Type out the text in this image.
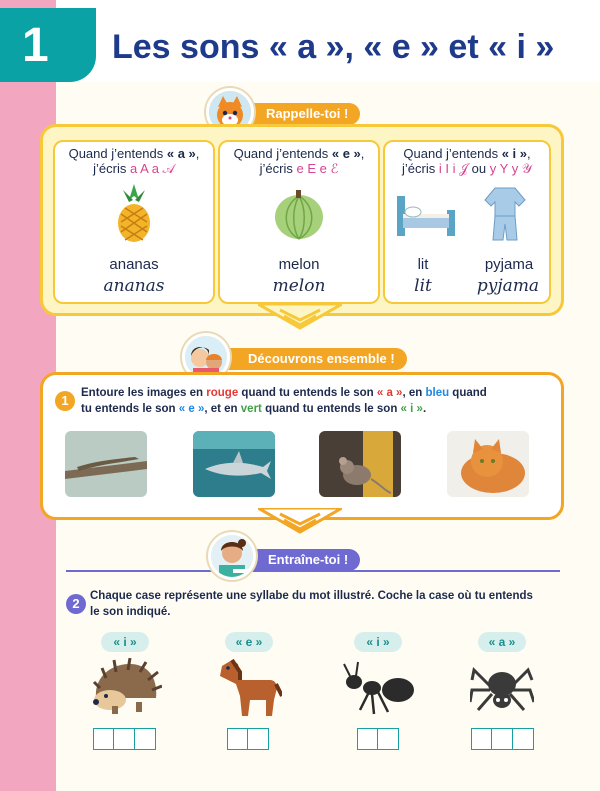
1 Les sons « a », « e » et « i »
Rappelle-toi !
Quand j’entends « a »,
j’écris a A a 𝒜
ananas
ananas
Quand j’entends « e »,
j’écris e E e ℰ
melon
melon
Quand j’entends « i »,
j’écris i I i 𝒥 ou y Y y 𝒴
lit
lit
pyjama
pyjama
Découvrons ensemble !
1	Entoure les images en rouge quand tu entends le son « a », en bleu quand
tu entends le son « e », et en vert quand tu entends le son « i ».
Entraîne-toi !
2 Chaque case représente une syllabe du mot illustré. Coche la case où tu entends
le son indiqué.
« i »	« e »	« i »	« a »
